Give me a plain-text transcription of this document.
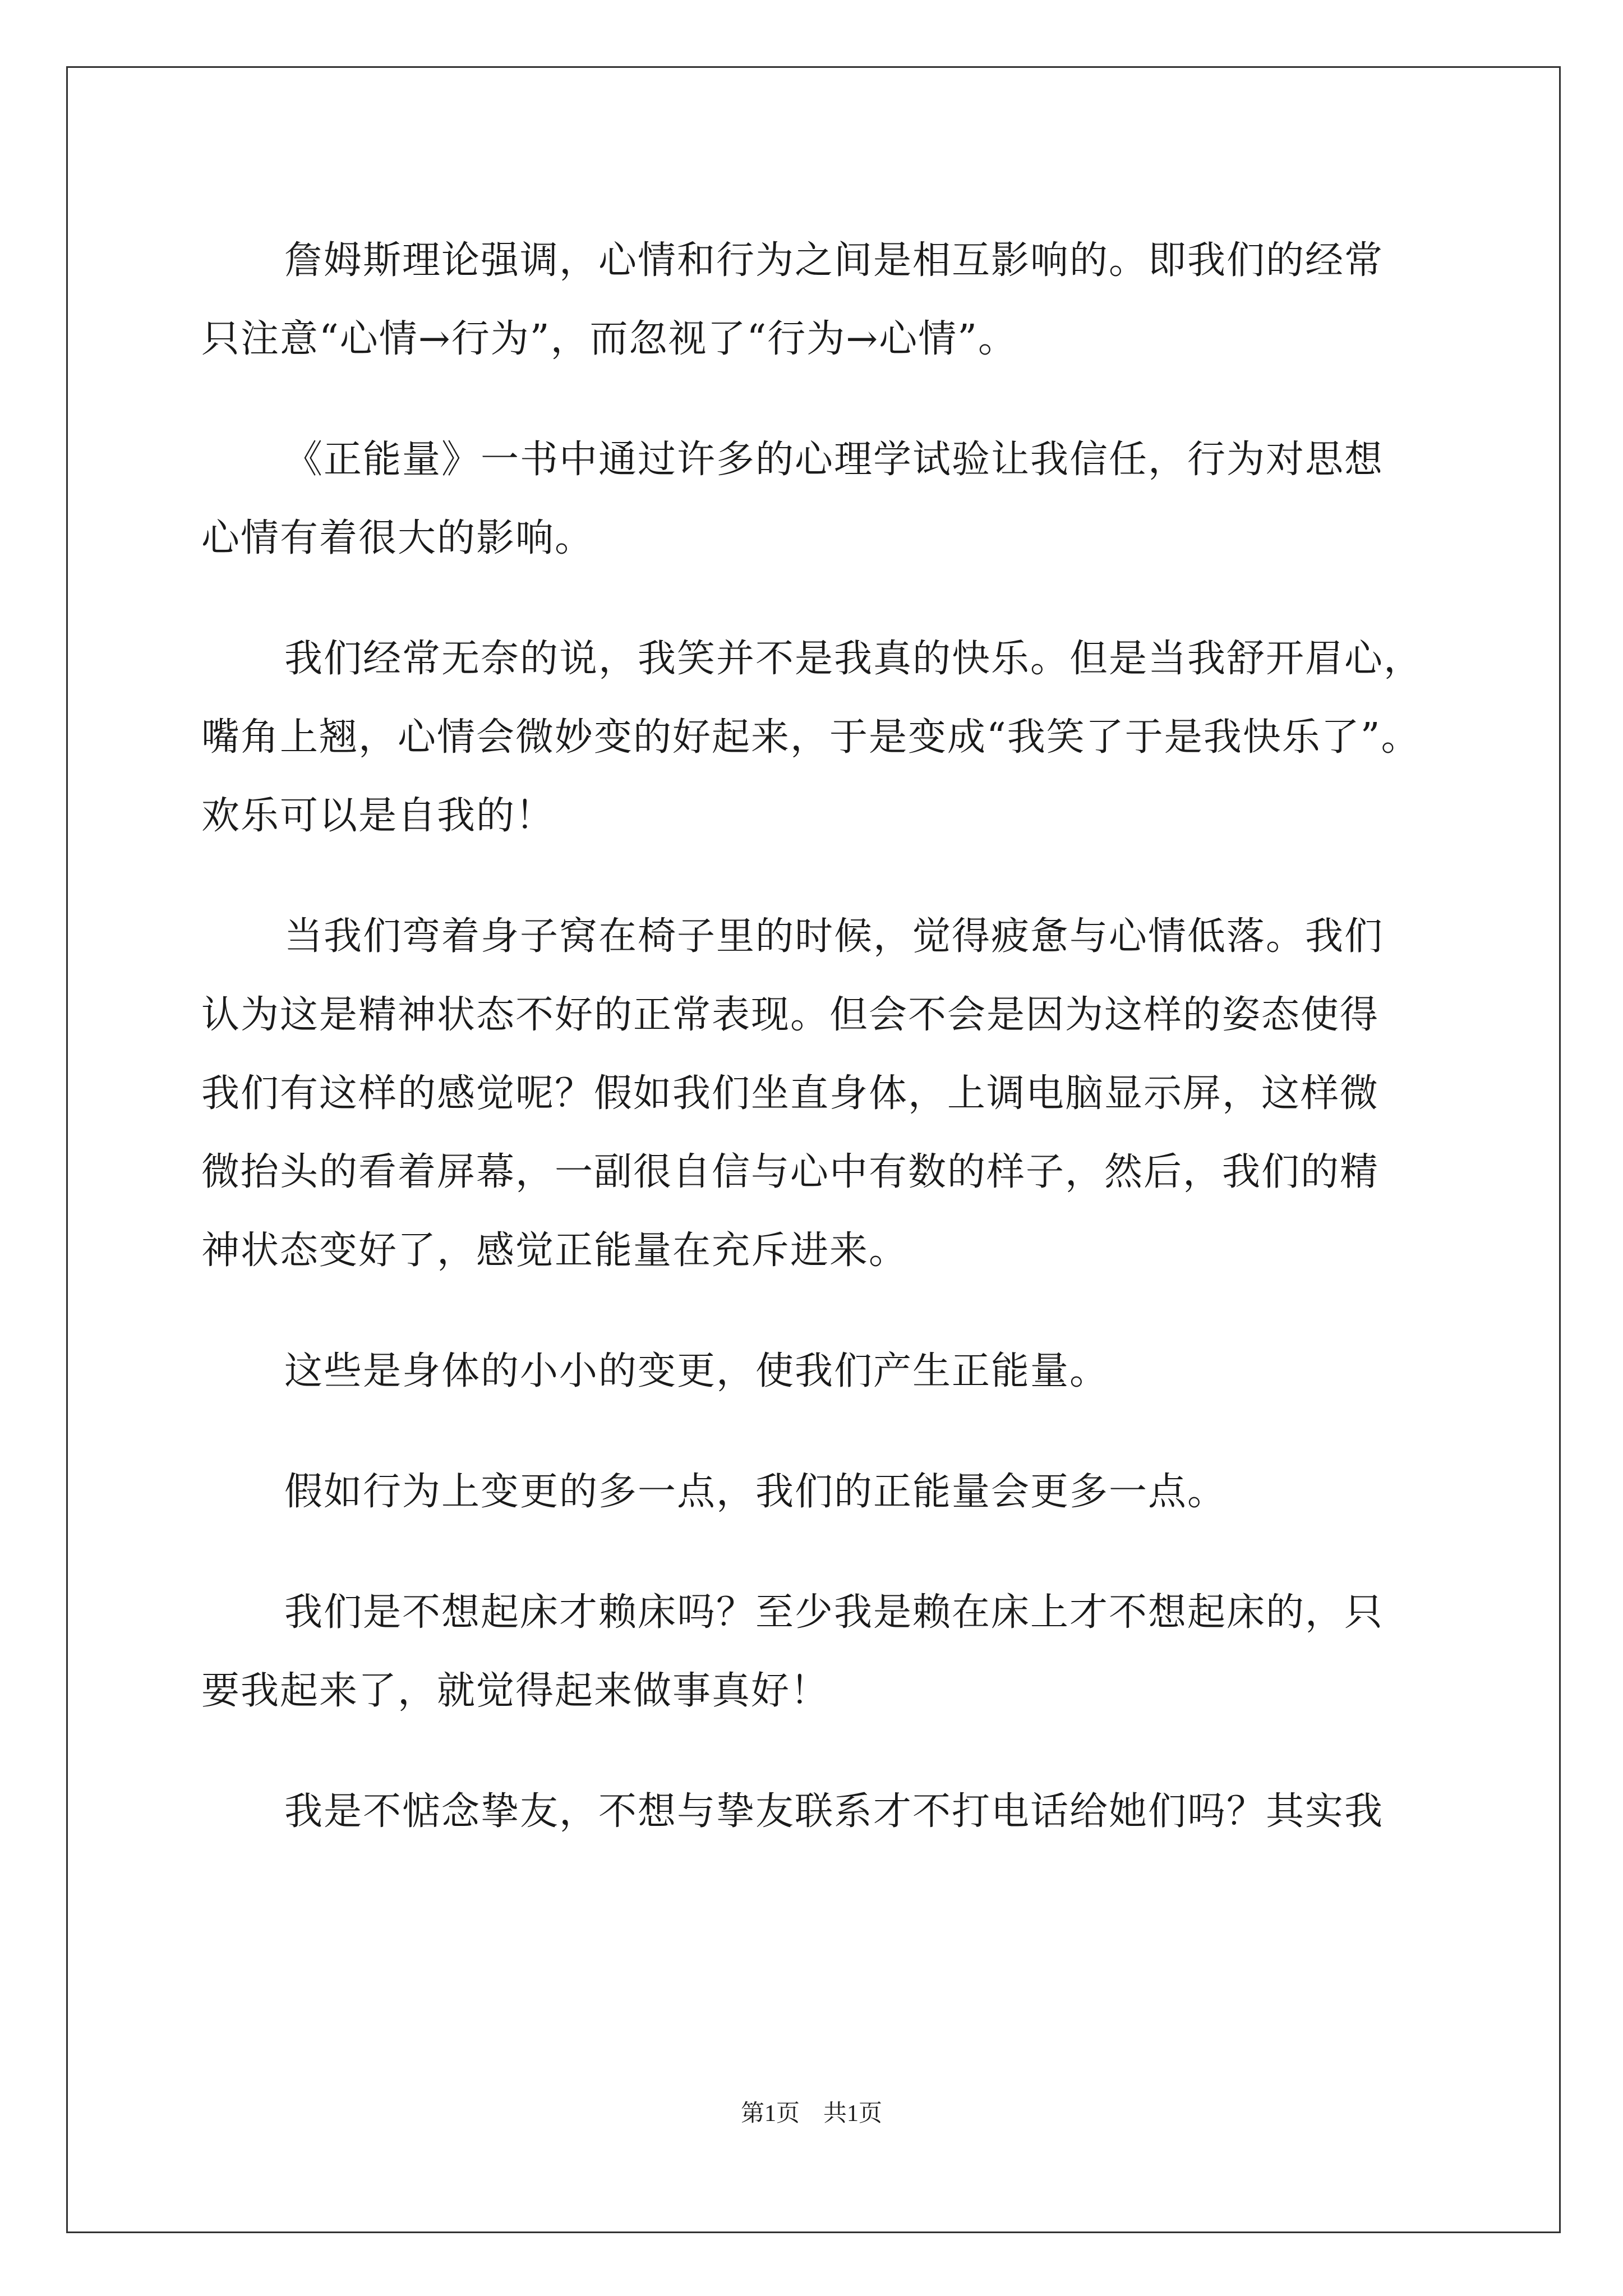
詹姆斯理论强调，心情和行为之间是相互影响的。即我们的经常
只注意“心情→行为”，而忽视了“行为→心情”。
《正能量》一书中通过许多的心理学试验让我信任，行为对思想
心情有着很大的影响。
我们经常无奈的说，我笑并不是我真的快乐。但是当我舒开眉心，
嘴角上翘，心情会微妙变的好起来，于是变成“我笑了于是我快乐了”。
欢乐可以是自我的！
当我们弯着身子窝在椅子里的时候，觉得疲惫与心情低落。我们
认为这是精神状态不好的正常表现。但会不会是因为这样的姿态使得
我们有这样的感觉呢？假如我们坐直身体，上调电脑显示屏，这样微
微抬头的看着屏幕，一副很自信与心中有数的样子，然后，我们的精
神状态变好了，感觉正能量在充斥进来。
这些是身体的小小的变更，使我们产生正能量。
假如行为上变更的多一点，我们的正能量会更多一点。
我们是不想起床才赖床吗？至少我是赖在床上才不想起床的，只
要我起来了，就觉得起来做事真好！
我是不惦念挚友，不想与挚友联系才不打电话给她们吗？其实我
第1页　共1页
